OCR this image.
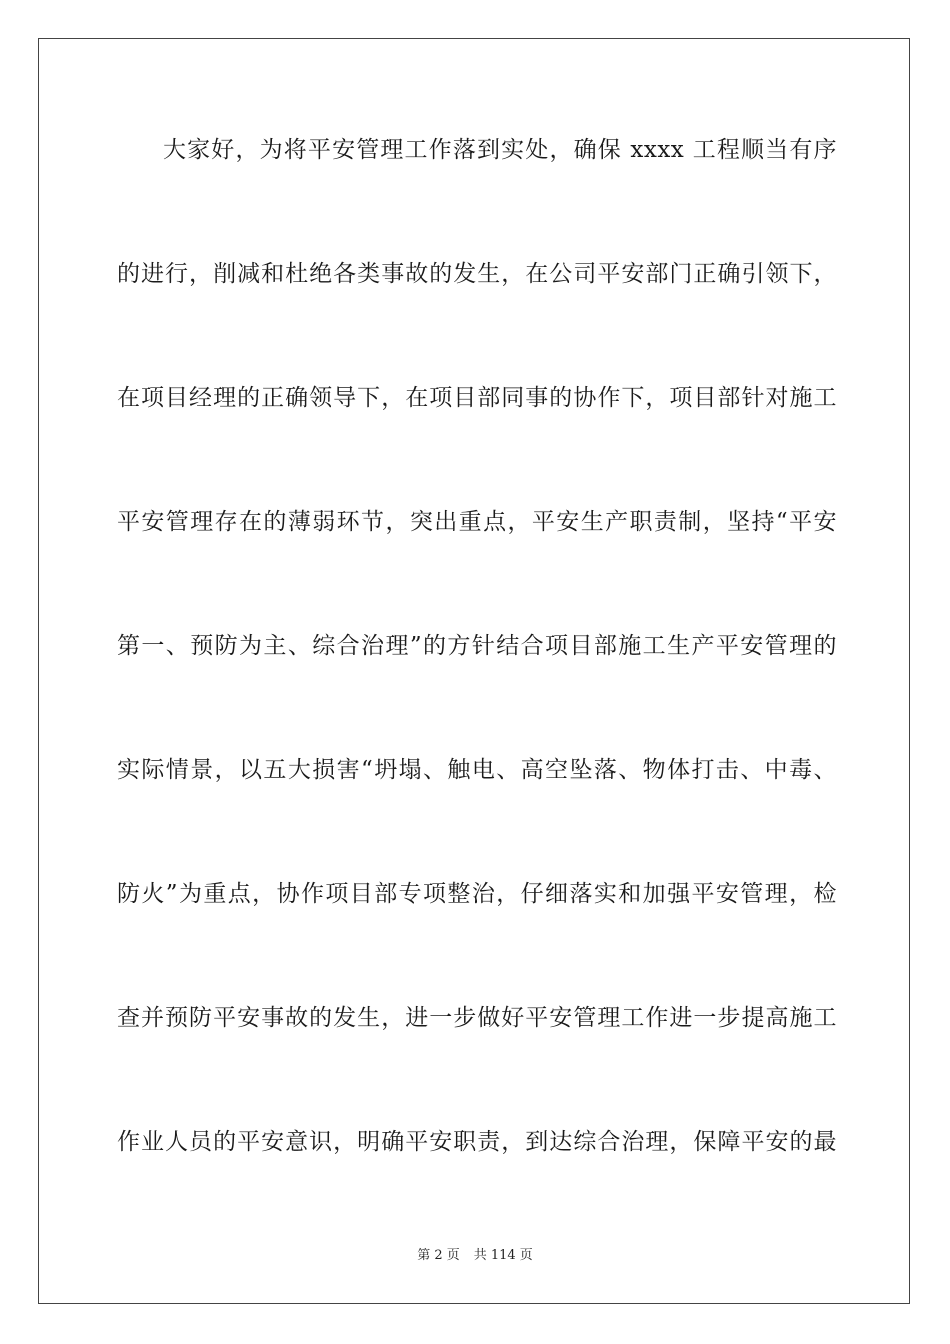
大家好，为将平安管理工作落到实处，确保 xxxx 工程顺当有序
的进行，削减和杜绝各类事故的发生，在公司平安部门正确引领下，
在项目经理的正确领导下，在项目部同事的协作下，项目部针对施工
平安管理存在的薄弱环节，突出重点，平安生产职责制，坚持“平安
第一、预防为主、综合治理”的方针结合项目部施工生产平安管理的
实际情景，以五大损害“坍塌、触电、高空坠落、物体打击、中毒、
防火”为重点，协作项目部专项整治，仔细落实和加强平安管理，检
查并预防平安事故的发生，进一步做好平安管理工作进一步提高施工
作业人员的平安意识，明确平安职责，到达综合治理，保障平安的最
第 2 页 共 114 页
